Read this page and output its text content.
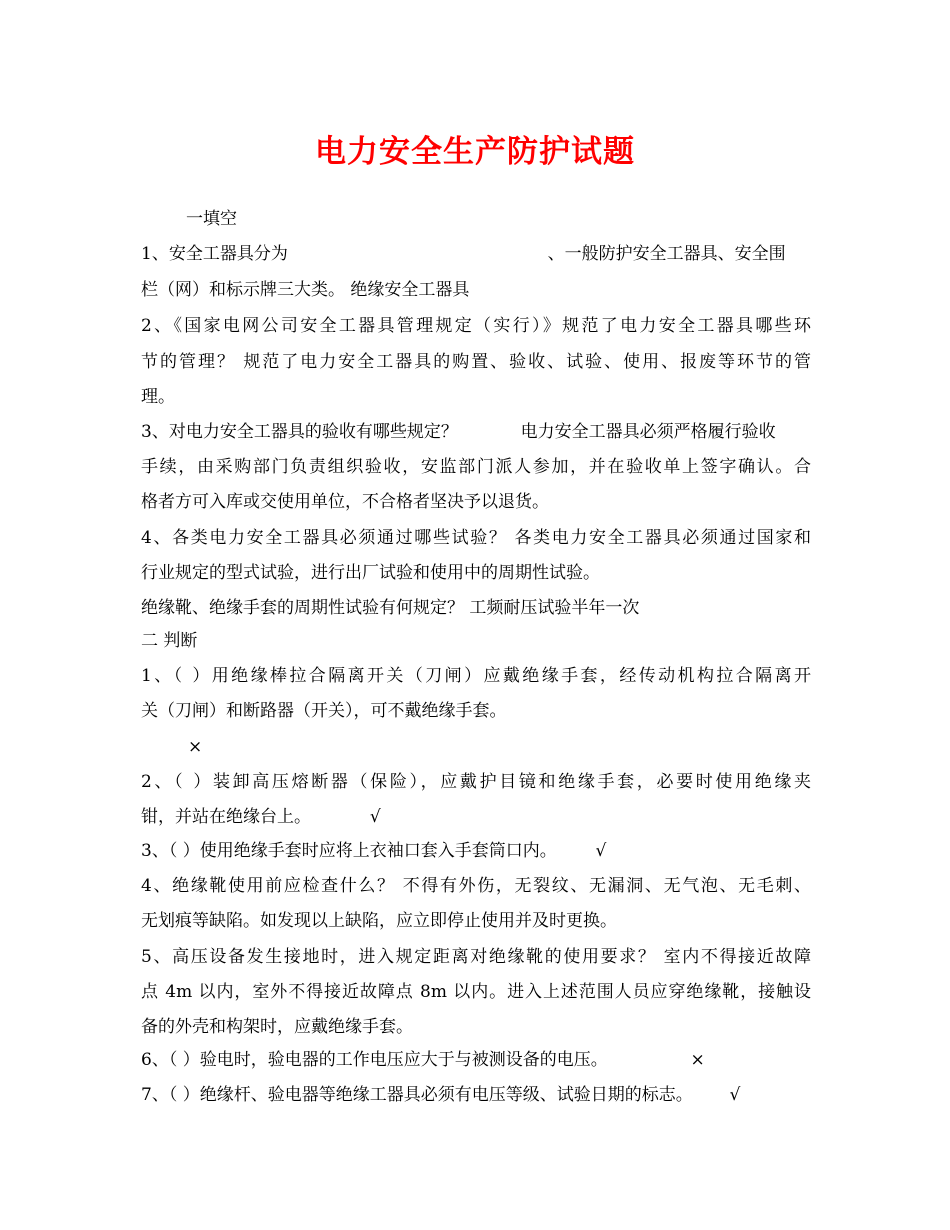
电力安全生产防护试题
一填空
1、安全工器具分为	、一般防护安全工器具、安全围
栏（网）和标示牌三大类。 绝缘安全工器具
2、《国家电网公司安全工器具管理规定（实行）》规范了电力安全工器具哪些环
节的管理？ 规范了电力安全工器具的购置、验收、试验、使用、报废等环节的管
理。
3、对电力安全工器具的验收有哪些规定？	电力安全工器具必须严格履行验收
手续，由采购部门负责组织验收，安监部门派人参加，并在验收单上签字确认。合
格者方可入库或交使用单位，不合格者坚决予以退货。
4、各类电力安全工器具必须通过哪些试验？ 各类电力安全工器具必须通过国家和
行业规定的型式试验，进行出厂试验和使用中的周期性试验。
绝缘靴、绝缘手套的周期性试验有何规定？ 工频耐压试验半年一次
二 判断
1、（ ）用绝缘棒拉合隔离开关（刀闸）应戴绝缘手套，经传动机构拉合隔离开
关（刀闸）和断路器（开关），可不戴绝缘手套。
×
2、（ ）装卸高压熔断器（保险），应戴护目镜和绝缘手套，必要时使用绝缘夹
钳，并站在绝缘台上。	√
3、（ ）使用绝缘手套时应将上衣袖口套入手套筒口内。 √
4、绝缘靴使用前应检查什么？ 不得有外伤，无裂纹、无漏洞、无气泡、无毛刺、
无划痕等缺陷。如发现以上缺陷，应立即停止使用并及时更换。
5、高压设备发生接地时，进入规定距离对绝缘靴的使用要求？ 室内不得接近故障
点 4m 以内，室外不得接近故障点 8m 以内。进入上述范围人员应穿绝缘靴，接触设
备的外壳和构架时，应戴绝缘手套。
6、（ ）验电时，验电器的工作电压应大于与被测设备的电压。	×
7、（ ）绝缘杆、验电器等绝缘工器具必须有电压等级、试验日期的标志。 √
